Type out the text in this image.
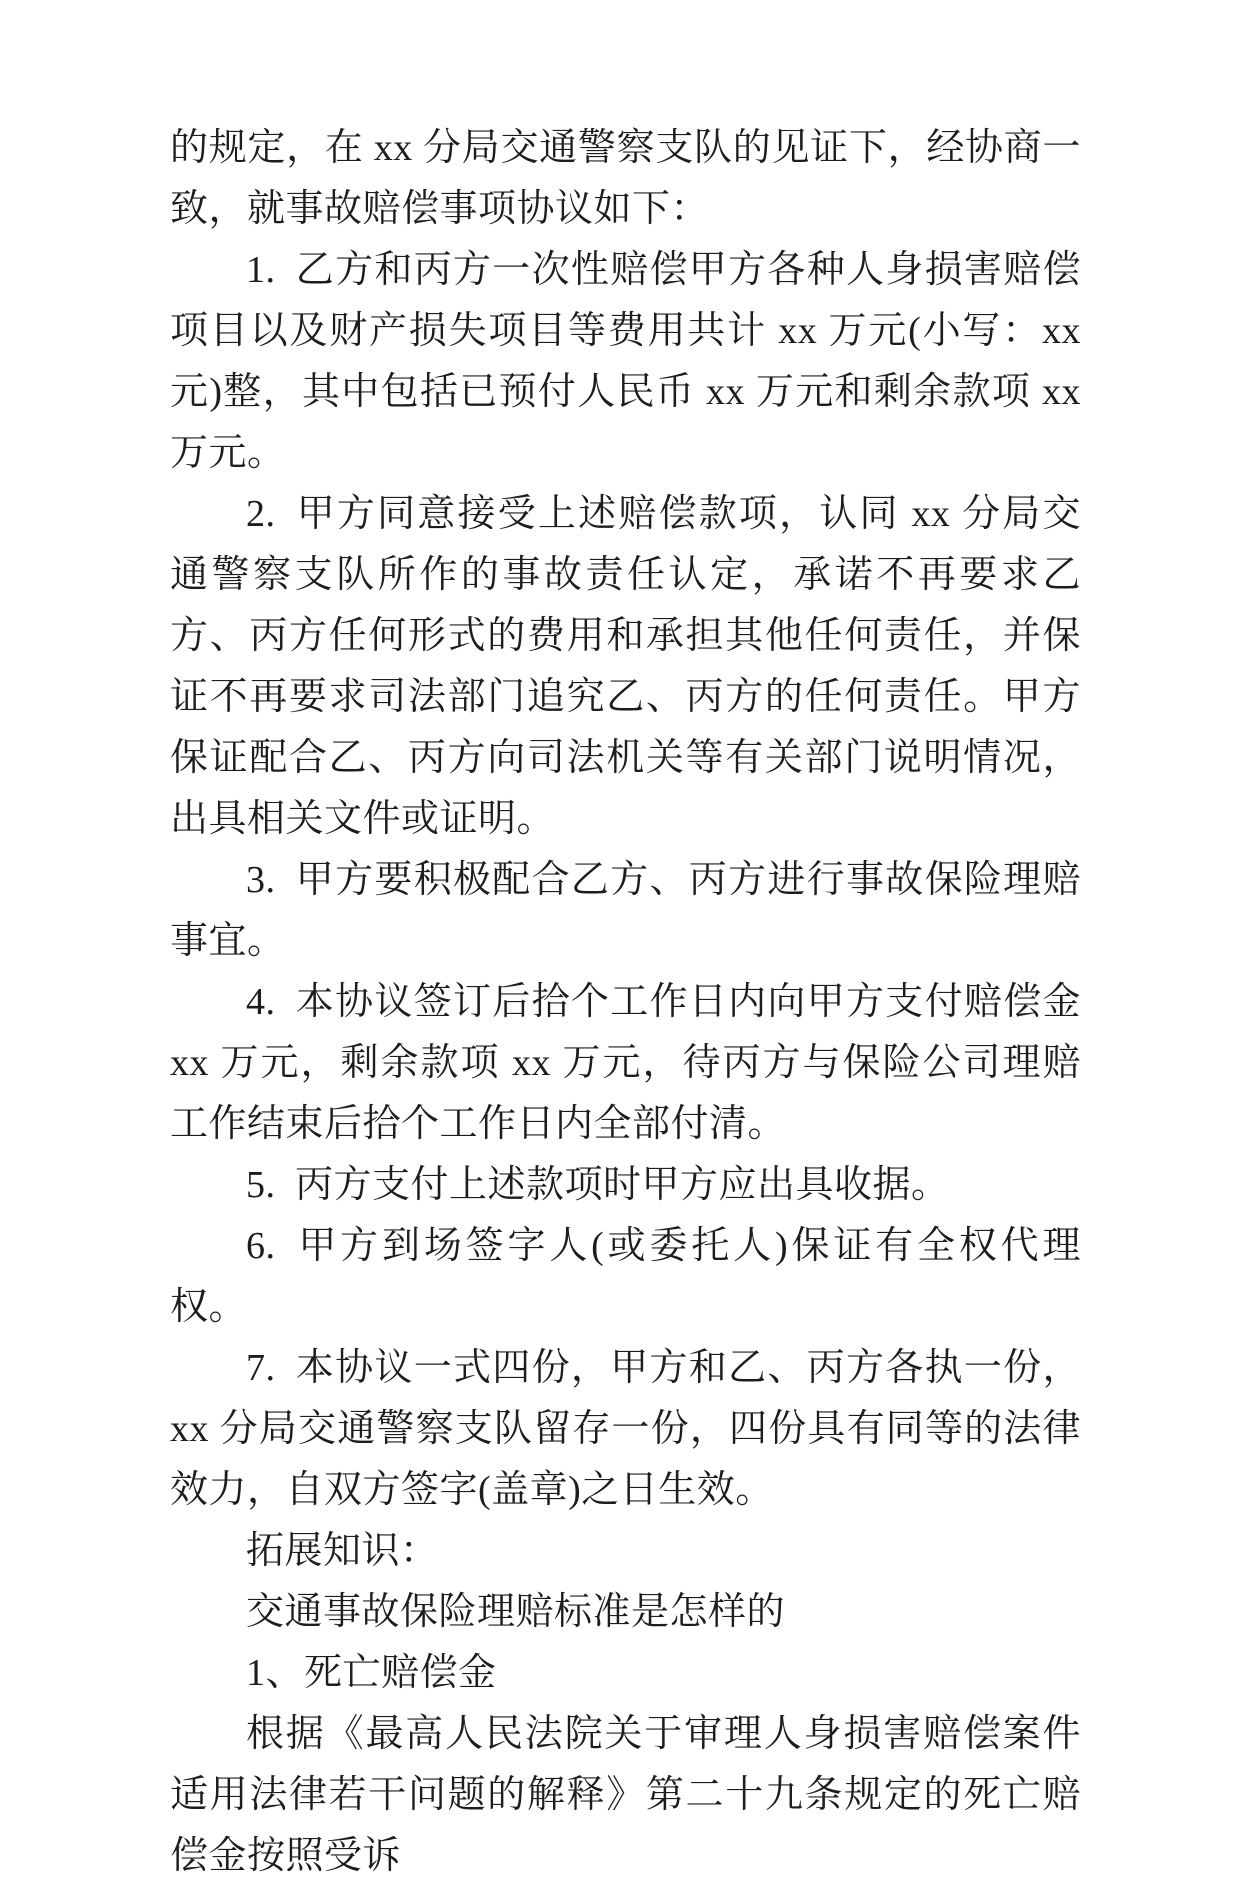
的规定，在 xx 分局交通警察支队的见证下，经协商一致，就事故赔偿事项协议如下：

1. 乙方和丙方一次性赔偿甲方各种人身损害赔偿项目以及财产损失项目等费用共计 xx 万元(小写：xx 元)整，其中包括已预付人民币 xx 万元和剩余款项 xx 万元。

2. 甲方同意接受上述赔偿款项，认同 xx 分局交通警察支队所作的事故责任认定，承诺不再要求乙方、丙方任何形式的费用和承担其他任何责任，并保证不再要求司法部门追究乙、丙方的任何责任。甲方保证配合乙、丙方向司法机关等有关部门说明情况，出具相关文件或证明。

3. 甲方要积极配合乙方、丙方进行事故保险理赔事宜。

4. 本协议签订后拾个工作日内向甲方支付赔偿金 xx 万元，剩余款项 xx 万元，待丙方与保险公司理赔工作结束后拾个工作日内全部付清。

5. 丙方支付上述款项时甲方应出具收据。

6. 甲方到场签字人(或委托人)保证有全权代理权。

7. 本协议一式四份，甲方和乙、丙方各执一份，xx 分局交通警察支队留存一份，四份具有同等的法律效力，自双方签字(盖章)之日生效。

拓展知识：

交通事故保险理赔标准是怎样的

1、死亡赔偿金

根据《最高人民法院关于审理人身损害赔偿案件适用法律若干问题的解释》第二十九条规定的死亡赔偿金按照受诉
